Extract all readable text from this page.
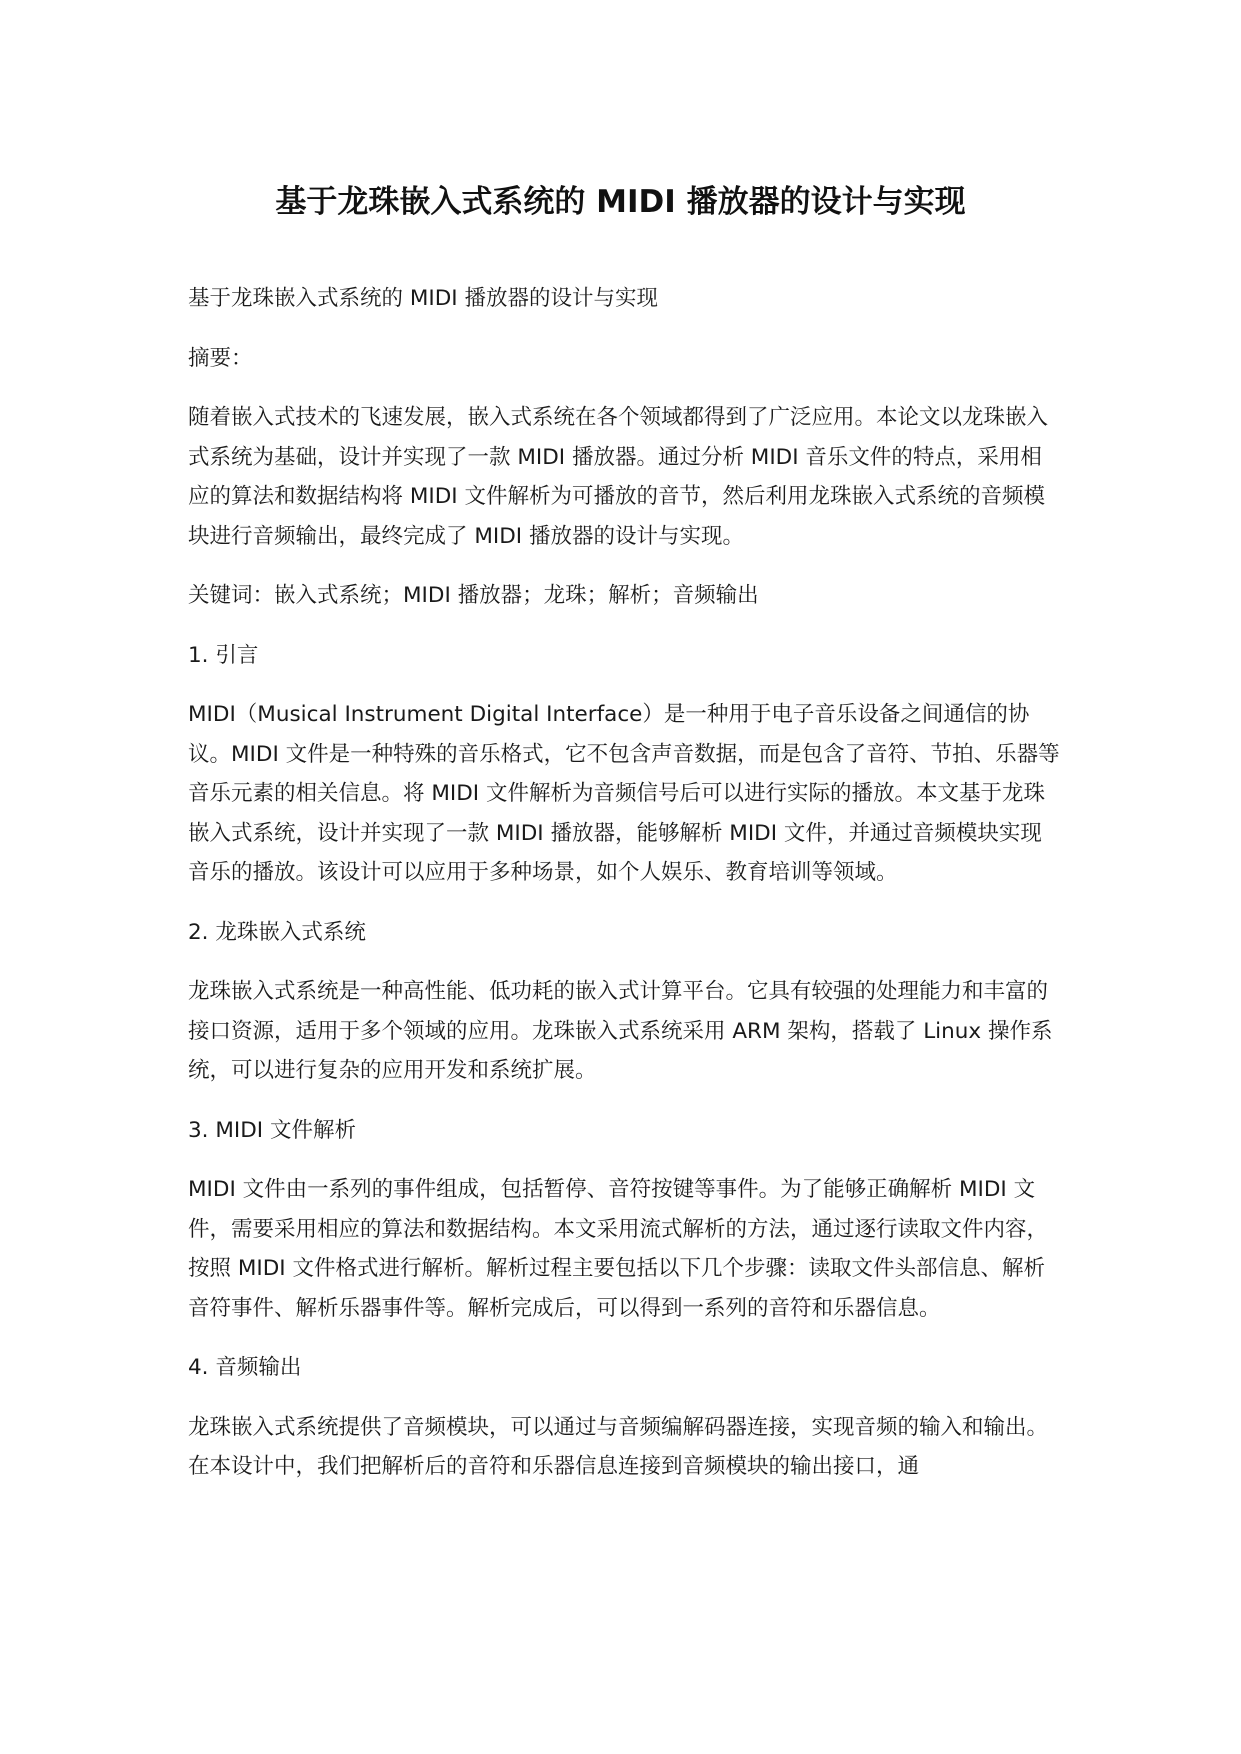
基于龙珠嵌入式系统的 MIDI 播放器的设计与实现

基于龙珠嵌入式系统的 MIDI 播放器的设计与实现

摘要：

随着嵌入式技术的飞速发展，嵌入式系统在各个领域都得到了广泛应用。本论文以龙珠嵌入式系统为基础，设计并实现了一款 MIDI 播放器。通过分析 MIDI 音乐文件的特点，采用相应的算法和数据结构将 MIDI 文件解析为可播放的音节，然后利用龙珠嵌入式系统的音频模块进行音频输出，最终完成了 MIDI 播放器的设计与实现。

关键词：嵌入式系统；MIDI 播放器；龙珠；解析；音频输出

1. 引言

MIDI（Musical Instrument Digital Interface）是一种用于电子音乐设备之间通信的协议。MIDI 文件是一种特殊的音乐格式，它不包含声音数据，而是包含了音符、节拍、乐器等音乐元素的相关信息。将 MIDI 文件解析为音频信号后可以进行实际的播放。本文基于龙珠嵌入式系统，设计并实现了一款 MIDI 播放器，能够解析 MIDI 文件，并通过音频模块实现音乐的播放。该设计可以应用于多种场景，如个人娱乐、教育培训等领域。

2. 龙珠嵌入式系统

龙珠嵌入式系统是一种高性能、低功耗的嵌入式计算平台。它具有较强的处理能力和丰富的接口资源，适用于多个领域的应用。龙珠嵌入式系统采用 ARM 架构，搭载了 Linux 操作系统，可以进行复杂的应用开发和系统扩展。

3. MIDI 文件解析

MIDI 文件由一系列的事件组成，包括暂停、音符按键等事件。为了能够正确解析 MIDI 文件，需要采用相应的算法和数据结构。本文采用流式解析的方法，通过逐行读取文件内容，按照 MIDI 文件格式进行解析。解析过程主要包括以下几个步骤：读取文件头部信息、解析音符事件、解析乐器事件等。解析完成后，可以得到一系列的音符和乐器信息。

4. 音频输出

龙珠嵌入式系统提供了音频模块，可以通过与音频编解码器连接，实现音频的输入和输出。在本设计中，我们把解析后的音符和乐器信息连接到音频模块的输出接口，通
